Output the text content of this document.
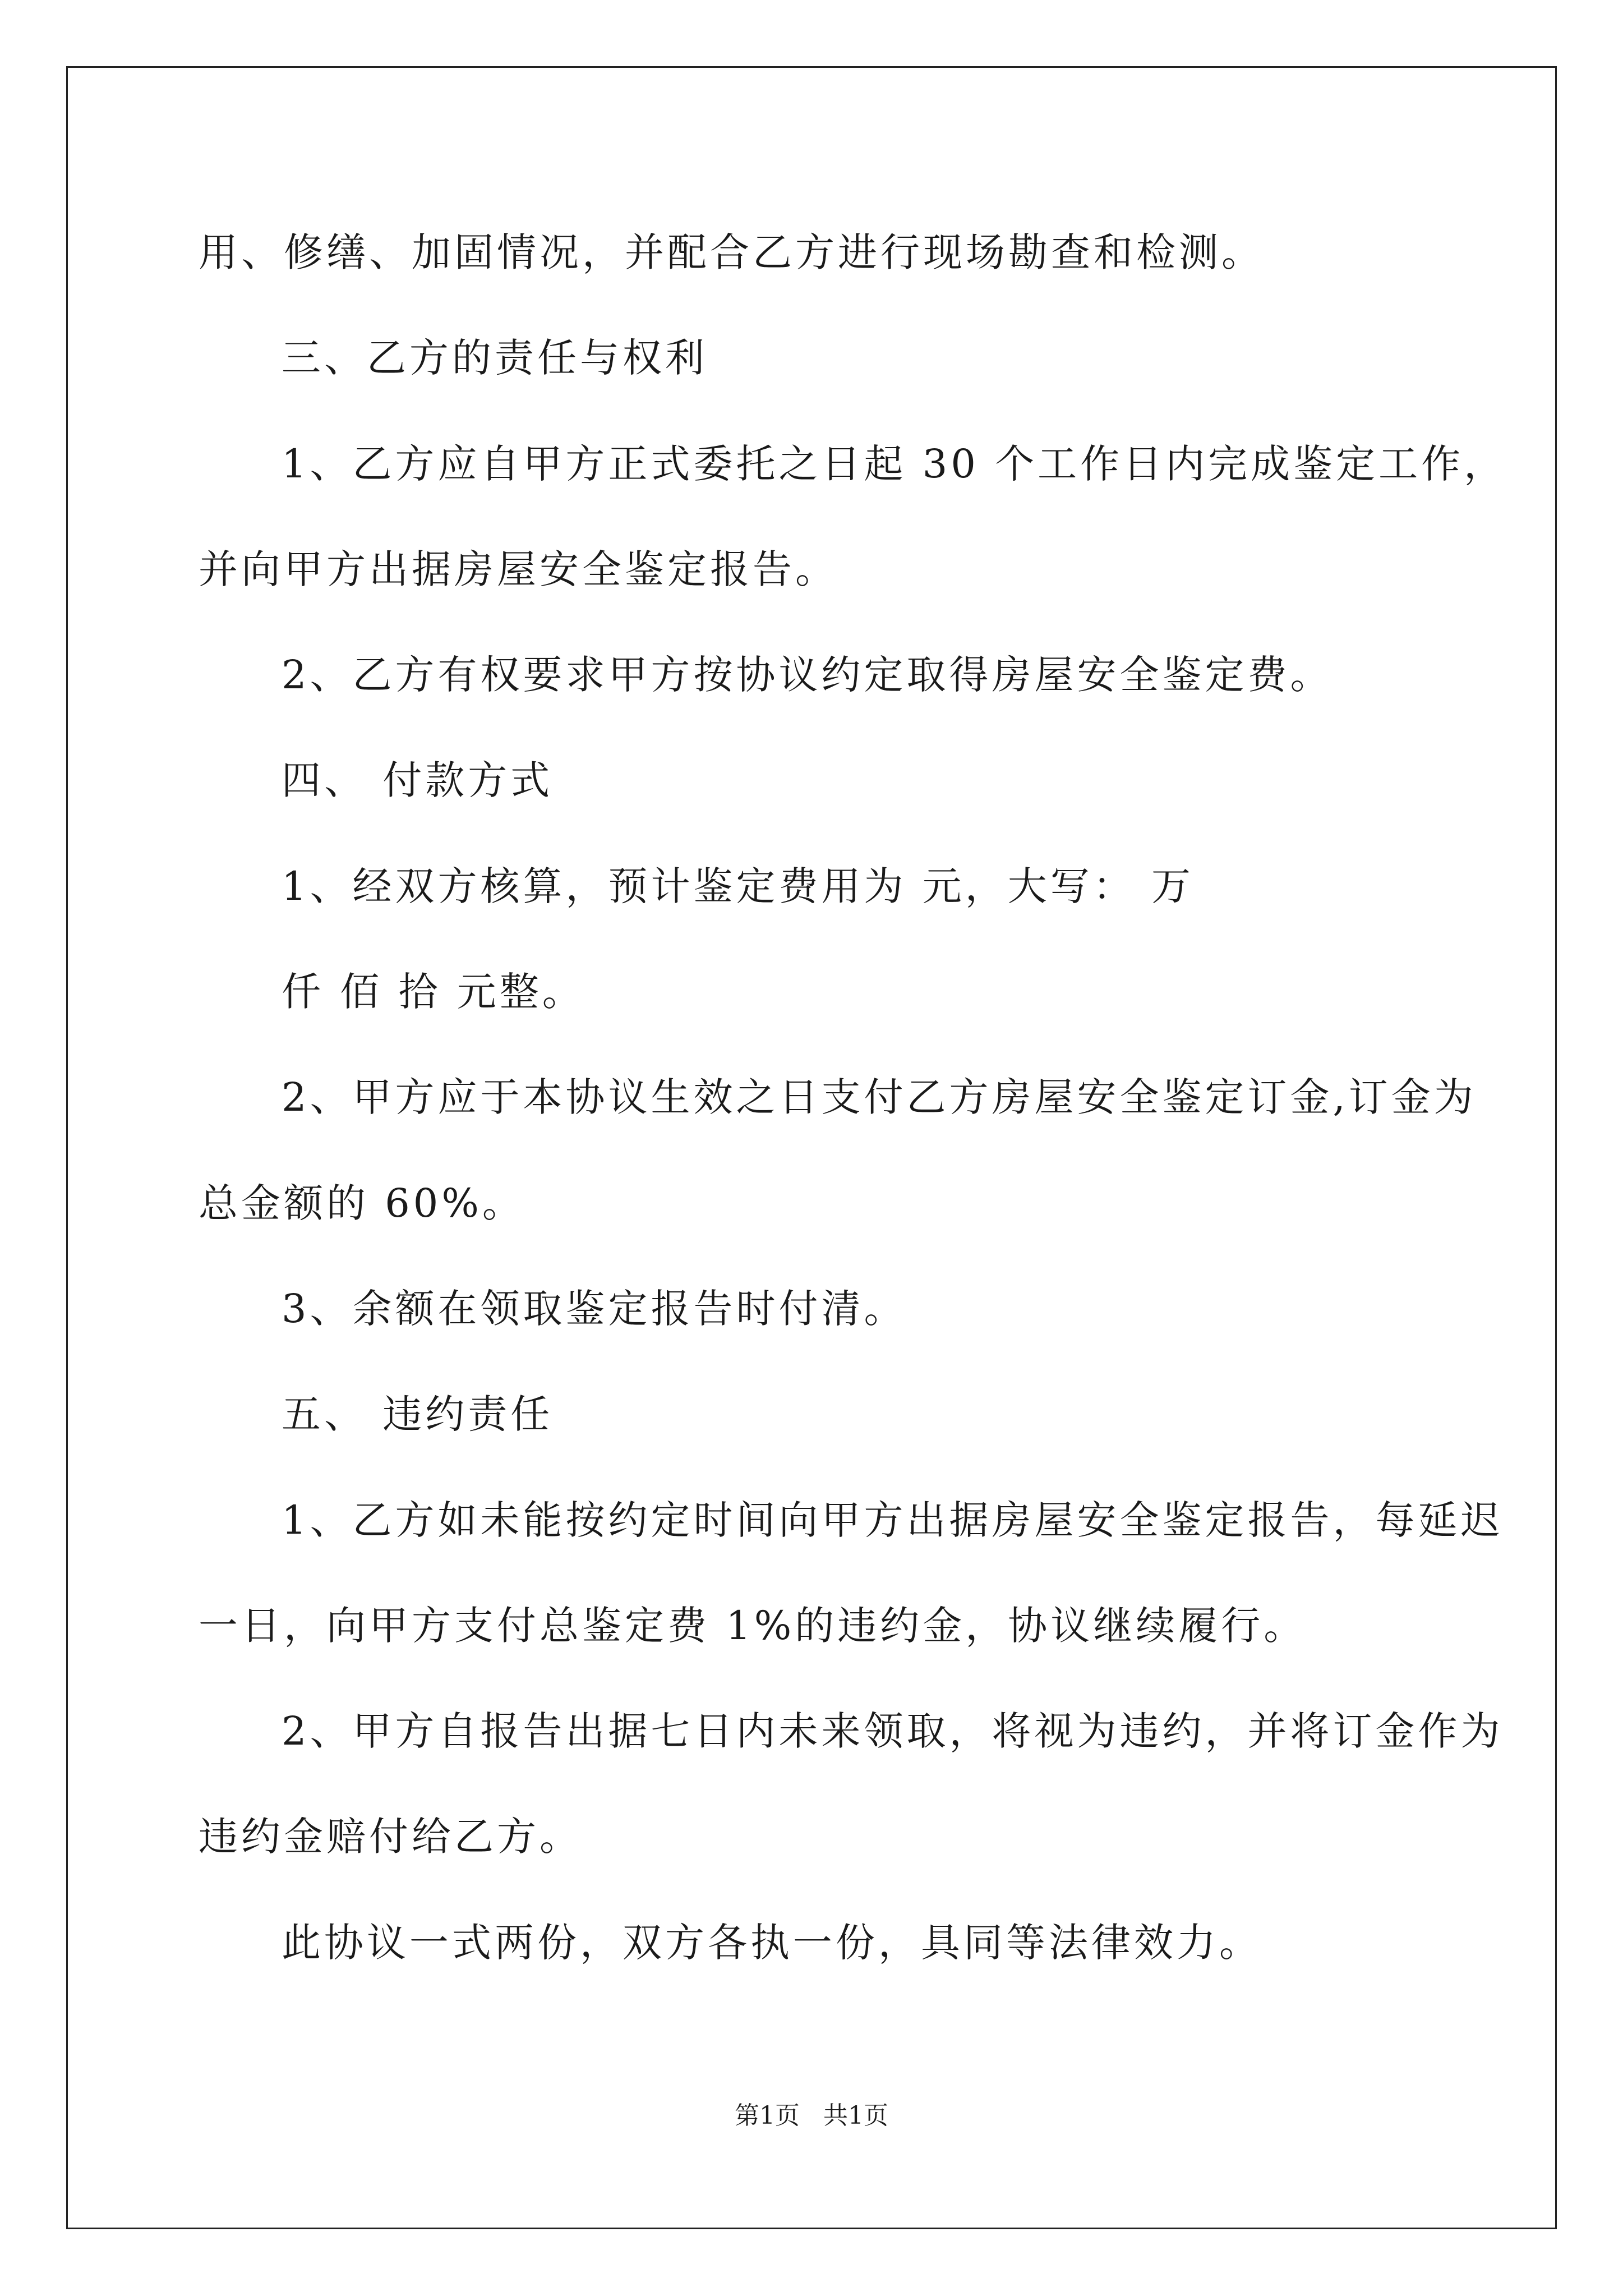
用、修缮、加固情况，并配合乙方进行现场勘查和检测。
三、乙方的责任与权利
1、乙方应自甲方正式委托之日起 30 个工作日内完成鉴定工作，
并向甲方出据房屋安全鉴定报告。
2、乙方有权要求甲方按协议约定取得房屋安全鉴定费。
四、 付款方式
1、经双方核算，预计鉴定费用为 元，大写： 万
仟 佰 拾 元整。
2、甲方应于本协议生效之日支付乙方房屋安全鉴定订金,订金为
总金额的 60%。
3、余额在领取鉴定报告时付清。
五、 违约责任
1、乙方如未能按约定时间向甲方出据房屋安全鉴定报告，每延迟
一日，向甲方支付总鉴定费 1%的违约金，协议继续履行。
2、甲方自报告出据七日内未来领取，将视为违约，并将订金作为
违约金赔付给乙方。
此协议一式两份，双方各执一份，具同等法律效力。
第1页   共1页
